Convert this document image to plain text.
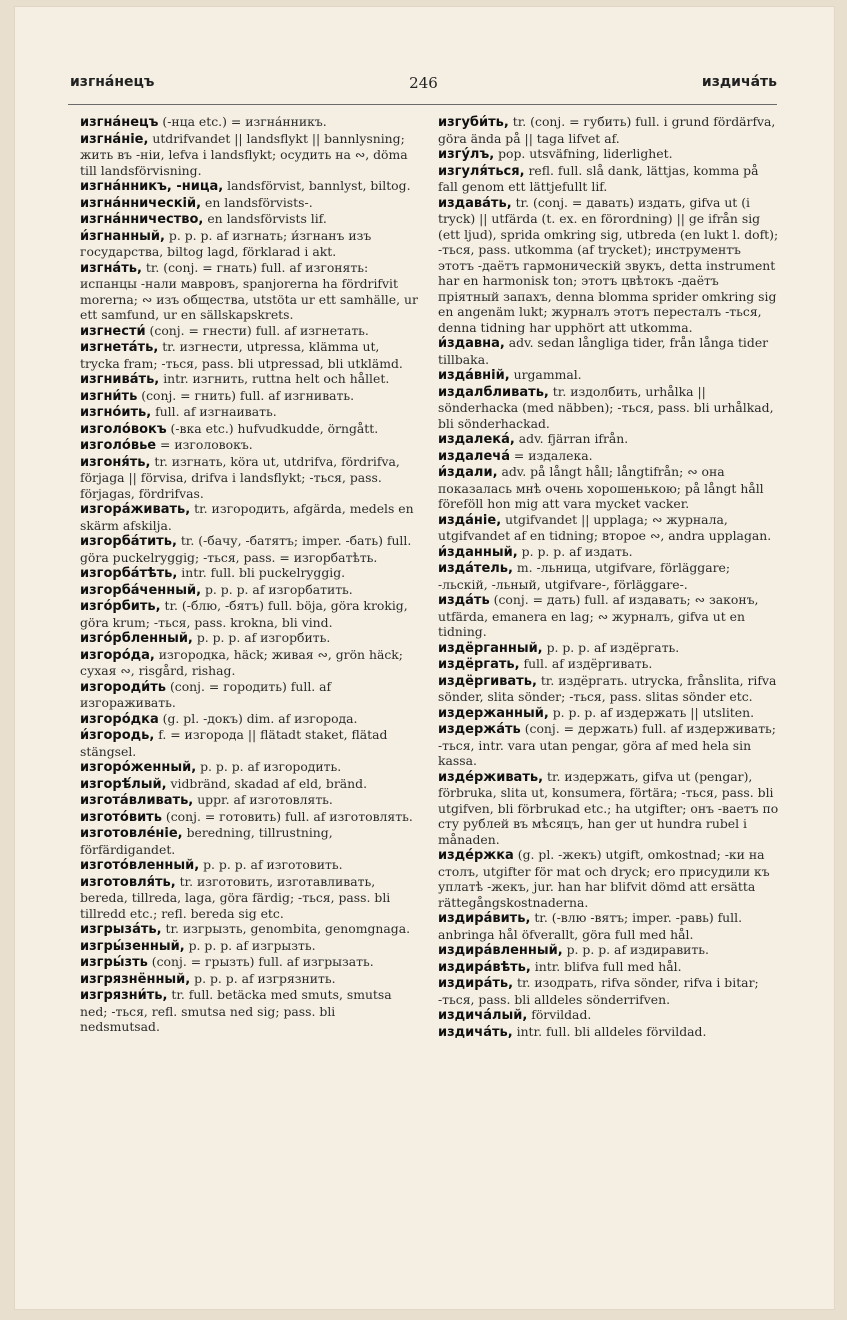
изгна́нецъ	246	издича́ть
изгна́нецъ (-нца etc.) = изгна́нникъ.
изгна́ніе, utdrifvandet || landsflykt || bannlysning; жить въ -ніи, lefva i landsflykt; осудить на ∾, döma till landsförvisning.
изгна́нникъ, -ница, landsförvist, bannlyst, biltog.
изгна́нническій, en landsförvists-.
изгна́нничество, en landsförvists lif.
и́згнанный, p. p. p. af изгнать; и́згнанъ изъ государства, biltog lagd, förklarad i akt.
изгна́ть, tr. (conj. = гнать) full. af изгонять: испанцы -нали мавровъ, spanjorerna ha fördrifvit morerna; ∾ изъ общества, utstöta ur ett samhälle, ur ett samfund, ur en sällskapskrets.
изгнести́ (conj. = гнести) full. af изгнетать.
изгнета́ть, tr. изгнести, utpressa, klämma ut, trycka fram; -ться, pass. bli utpressad, bli utklämd.
изгнива́ть, intr. изгнить, ruttna helt och hållet.
изгни́ть (conj. = гнить) full. af изгнивать.
изгно́ить, full. af изгнаивать.
изголо́вокъ (-вка etc.) hufvudkudde, örngått.
изголо́вье = изголовокъ.
изгоня́ть, tr. изгнать, köra ut, utdrifva, fördrifva, förjaga || förvisa, drifva i landsflykt; -ться, pass. förjagas, fördrifvas.
изгора́живать, tr. изгородить, afgärda, medels en skärm afskilja.
изгорба́тить, tr. (-бачу, -батятъ; imper. -бать) full. göra puckelryggig; -ться, pass. = изгорбатѣть.
изгорба́тѣть, intr. full. bli puckelryggig.
изгорба́ченный, p. p. p. af изгорбатить.
изго́рбить, tr. (-блю, -бятъ) full. böja, göra krokig, göra krum; -ться, pass. krokna, bli vind.
изго́рбленный, p. p. p. af изгорбить.
изгоро́да, изгородка, häck; живая ∾, grön häck; сухая ∾, risgård, rishag.
изгороди́ть (conj. = городить) full. af изгораживать.
изгоро́дка (g. pl. -докъ) dim. af изгорода.
и́згородь, f. = изгорода || flätadt staket, flätad stängsel.
изгоро́женный, p. p. p. af изгородить.
изгорѣ́лый, vidbränd, skadad af eld, bränd.
изгота́вливать, uppr. af изготовлять.
изгото́вить (conj. = готовить) full. af изготовлять.
изготовле́ніе, beredning, tillrustning, förfärdigandet.
изгото́вленный, p. p. p. af изготовить.
изготовля́ть, tr. изготовить, изготавливать, bereda, tillreda, laga, göra färdig; -ться, pass. bli tillredd etc.; refl. bereda sig etc.
изгрыза́ть, tr. изгрызть, genombita, genomgnaga.
изгры́зенный, p. p. p. af изгрызть.
изгры́зть (conj. = грызть) full. af изгрызать.
изгрязнённый, p. p. p. af изгрязнить.
изгрязни́ть, tr. full. betäcka med smuts, smutsa ned; -ться, refl. smutsa ned sig; pass. bli nedsmutsad.
изгуби́ть, tr. (conj. = губить) full. i grund fördärfva, göra ända på || taga lifvet af.
изгу́лъ, pop. utsväfning, liderlighet.
изгуля́ться, refl. full. slå dank, lättjas, komma på fall genom ett lättjefullt lif.
издава́ть, tr. (conj. = давать) издать, gifva ut (i tryck) || utfärda (t. ex. en förordning) || ge ifrån sig (ett ljud), sprida omkring sig, utbreda (en lukt l. doft); -ться, pass. utkomma (af trycket); инструментъ этотъ -даётъ гармоническій звукъ, detta instrument har en harmonisk ton; этотъ цвѣтокъ -даётъ пріятный запахъ, denna blomma sprider omkring sig en angenäm lukt; журналъ этотъ пересталъ -ться, denna tidning har upphört att utkomma.
и́здавна, adv. sedan långliga tider, från långa tider tillbaka.
изда́вній, urgammal.
издалбливать, tr. издолбить, urhålka || sönderhacka (med näbben); -ться, pass. bli urhålkad, bli sönderhackad.
издалека́, adv. fjärran ifrån.
издалеча́ = издалека.
и́здали, adv. på långt håll; långtifrån; ∾ она показалась мнѣ очень хорошенькою; på långt håll föreföll hon mig att vara mycket vacker.
изда́ніе, utgifvandet || upplaga; ∾ журнала, utgifvandet af en tidning; второе ∾, andra upplagan.
и́зданный, p. p. p. af издать.
изда́тель, m. -льница, utgifvare, förläggare; -льскій, -льный, utgifvare-, förläggare-.
изда́ть (conj. = дать) full. af издавать; ∾ законъ, utfärda, emanera en lag; ∾ журналъ, gifva ut en tidning.
издёрганный, p. p. p. af издёргать.
издёргать, full. af издёргивать.
издёргивать, tr. издёргать. utrycka, frånslita, rifva sönder, slita sönder; -ться, pass. slitas sönder etc.
издержанный, p. p. p. af издержать || utsliten.
издержа́ть (conj. = держать) full. af издерживать; -ться, intr. vara utan pengar, göra af med hela sin kassa.
изде́рживать, tr. издержать, gifva ut (pengar), förbruka, slita ut, konsumera, förtära; -ться, pass. bli utgifven, bli förbrukad etc.; ha utgifter; онъ -ваетъ по сту рублей въ мѣсяцъ, han ger ut hundra rubel i månaden.
изде́ржка (g. pl. -жекъ) utgift, omkostnad; -ки на столъ, utgifter för mat och dryck; его присудили къ уплатѣ -жекъ, jur. han har blifvit dömd att ersätta rättegångskostnaderna.
издира́вить, tr. (-влю -вятъ; imper. -равь) full. anbringa hål öfverallt, göra full med hål.
издира́вленный, p. p. p. af издиравить.
издира́вѣть, intr. blifva full med hål.
издира́ть, tr. изодрать, rifva sönder, rifva i bitar; -ться, pass. bli alldeles sönderrifven.
издича́лый, förvildad.
издича́ть, intr. full. bli alldeles förvildad.
